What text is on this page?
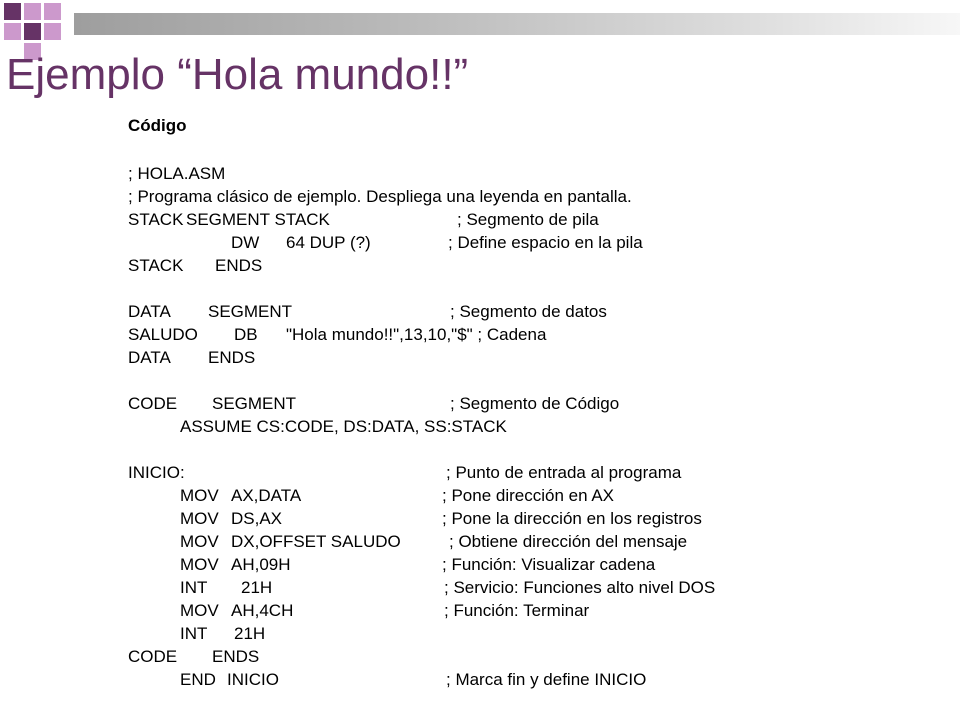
Ejemplo “Hola mundo!!”
Código
; HOLA.ASM
; Programa clásico de ejemplo. Despliega una leyenda en pantalla.
STACK SEGMENT STACK	; Segmento de pila
DW 64 DUP (?)	; Define espacio en la pila
STACK ENDS
DATA SEGMENT	; Segmento de datos
SALUDO DB "Hola mundo!!",13,10,"$" ; Cadena
DATA ENDS
CODE SEGMENT	; Segmento de Código
ASSUME CS:CODE, DS:DATA, SS:STACK
INICIO:	; Punto de entrada al programa
MOV AX,DATA	; Pone dirección en AX
MOV DS,AX	; Pone la dirección en los registros
MOV DX,OFFSET SALUDO	; Obtiene dirección del mensaje
MOV AH,09H	; Función: Visualizar cadena
INT 21H	; Servicio: Funciones alto nivel DOS
MOV AH,4CH	; Función: Terminar
INT 21H
CODE ENDS
END INICIO	; Marca fin y define INICIO
